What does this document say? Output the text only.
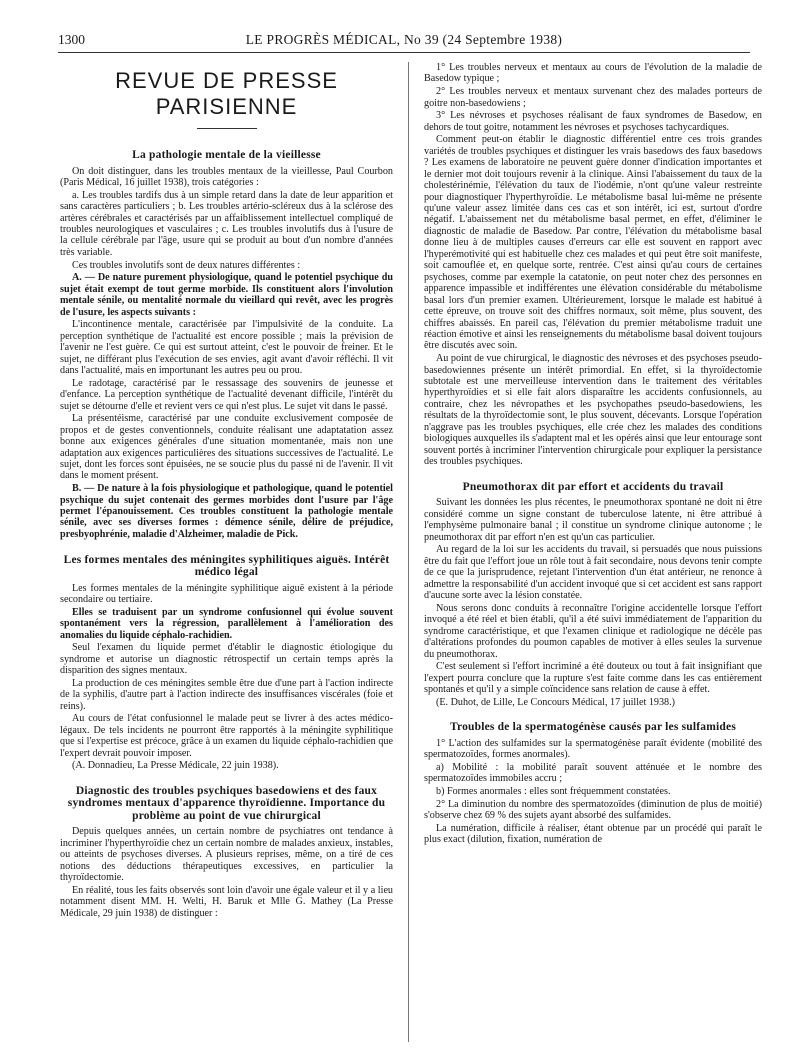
1300	LE PROGRÈS MÉDICAL, No 39 (24 Septembre 1938)
REVUE DE PRESSE PARISIENNE
La pathologie mentale de la vieillesse

On doit distinguer, dans les troubles mentaux de la vieillesse, Paul Courbon (Paris Médical, 16 juillet 1938), trois catégories :

a. Les troubles tardifs dus à un simple retard dans la date de leur apparition et sans caractères particuliers ; b. Les troubles artério-scléreux dus à la sclérose des artères cérébrales et caractérisés par un affaiblissement intellectuel compliqué de troubles neurologiques et vasculaires ; c. Les troubles involutifs dus à l'usure de la cellule cérébrale par l'âge, usure qui se produit au bout d'un nombre d'années très variable.

Ces troubles involutifs sont de deux natures différentes :

A. — De nature purement physiologique, quand le potentiel psychique du sujet était exempt de tout germe morbide. Ils constituent alors l'involution mentale sénile, ou mentalité normale du vieillard qui revêt, avec les progrès de l'usure, les aspects suivants :

L'incontinence mentale, caractérisée par l'impulsivité de la conduite. La perception synthétique de l'actualité est encore possible ; mais la prévision de l'avenir ne l'est guère. Ce qui est surtout atteint, c'est le pouvoir de freiner. Et le sujet, ne différant plus l'exécution de ses envies, agit avant d'avoir réfléchi. Il vit dans l'actualité, mais en importunant les autres peu ou prou.

Le radotage, caractérisé par le ressassage des souvenirs de jeunesse et d'enfance. La perception synthétique de l'actualité devenant difficile, l'intérêt du sujet se détourne d'elle et revient vers ce qui n'est plus. Le sujet vit dans le passé.

La présentéisme, caractérisé par une conduite exclusivement composée de propos et de gestes conventionnels, conduite réalisant une adaptatation assez bonne aux exigences générales d'une situation momentanée, mais non une adaptation aux exigences particulières des situations successives de l'actualité. Le sujet, dont les forces sont épuisées, ne se soucie plus du passé ni de l'avenir. Il vit dans le moment présent.

B. — De nature à la fois physiologique et pathologique, quand le potentiel psychique du sujet contenait des germes morbides dont l'usure par l'âge permet l'épanouissement. Ces troubles constituent la pathologie mentale sénile, avec ses diverses formes : démence sénile, délire de préjudice, presbyophrénie, maladie d'Alzheimer, maladie de Pick.

Les formes mentales des méningites syphilitiques aiguës. Intérêt médico légal

Les formes mentales de la méningite syphilitique aiguë existent à la période secondaire ou tertiaire.

Elles se traduisent par un syndrome confusionnel qui évolue souvent spontanément vers la régression, parallèlement à l'amélioration des anomalies du liquide céphalo-rachidien.

Seul l'examen du liquide permet d'établir le diagnostic étiologique du syndrome et autorise un diagnostic rétrospectif un certain temps après la disparition des signes mentaux.

La production de ces méningites semble être due d'une part à l'action indirecte de la syphilis, d'autre part à l'action indirecte des insuffisances viscérales (foie et reins).

Au cours de l'état confusionnel le malade peut se livrer à des actes médico-légaux. De tels incidents ne pourront être rapportés à la méningite syphilitique que si l'expertise est précoce, grâce à un examen du liquide céphalo-rachidien que l'expert devrait pouvoir imposer.

(A. Donnadieu, La Presse Médicale, 22 juin 1938).

Diagnostic des troubles psychiques basedowiens et des faux syndromes mentaux d'apparence thyroïdienne. Importance du problème au point de vue chirurgical

Depuis quelques années, un certain nombre de psychiatres ont tendance à incriminer l'hyperthyroïdie chez un certain nombre de malades anxieux, instables, ou atteints de psychoses diverses. A plusieurs reprises, même, on a tiré de ces notions des déductions thérapeutiques excessives, en particulier la thyroïdectomie.

En réalité, tous les faits observés sont loin d'avoir une égale valeur et il y a lieu notamment disent MM. H. Welti, H. Baruk et Mlle G. Mathey (La Presse Médicale, 29 juin 1938) de distinguer :

1° Les troubles nerveux et mentaux au cours de l'évolution de la maladie de Basedow typique ;

2° Les troubles nerveux et mentaux survenant chez des malades porteurs de goitre non-basedowiens ;

3° Les névroses et psychoses réalisant de faux syndromes de Basedow, en dehors de tout goitre, notamment les névroses et psychoses tachycardiques.

Comment peut-on établir le diagnostic différentiel entre ces trois grandes variétés de troubles psychiques et distinguer les vrais basedows des faux basedows ? Les examens de laboratoire ne peuvent guère donner d'indication importantes et le dernier mot doit toujours revenir à la clinique. Ainsi l'abaissement du taux de la cholestérinémie, l'élévation du taux de l'iodémie, n'ont qu'une valeur restreinte pour diagnostiquer l'hyperthyroïdie. Le métabolisme basal lui-même ne présente qu'une valeur assez limitée dans ces cas et son intérêt, ici est, surtout d'ordre négatif. L'abaissement net du métabolisme basal permet, en effet, d'éliminer le diagnostic de maladie de Basedow. Par contre, l'élévation du métabolisme basal donne lieu à de multiples causes d'erreurs car elle est souvent en rapport avec l'hyperémotivité qui est habituelle chez ces malades et qui peut être soit manifeste, soit camouflée et, en quelque sorte, rentrée. C'est ainsi qu'au cours de certaines psychoses, comme par exemple la catatonie, on peut noter chez des personnes en apparence impassible et indifférentes une élévation considérable du métabolisme basal lors d'un premier examen. Ultérieurement, lorsque le malade est habitué à cette épreuve, on trouve soit des chiffres normaux, soit même, plus souvent, des chiffres abaissés. En pareil cas, l'élévation du premier métabolisme traduit une réaction émotive et ainsi les renseignements du métabolisme basal doivent toujours être discutés avec soin.

Au point de vue chirurgical, le diagnostic des névroses et des psychoses pseudo-basedowiennes présente un intérêt primordial. En effet, si la thyroïdectomie subtotale est une merveilleuse intervention dans le traitement des véritables hyperthyroïdies et si elle fait alors disparaître les accidents confusionnels, au contraire, chez les névropathes et les psychopathes pseudo-basedowiens, les résultats de la thyroïdectomie sont, le plus souvent, décevants. Lorsque l'opération n'aggrave pas les troubles psychiques, elle crée chez les malades des conditions biologiques auxquelles ils s'adaptent mal et les opérés ainsi que leur entourage sont souvent portés à incriminer l'intervention chirurgicale pour expliquer la persistance des troubles psychiques.

Pneumothorax dit par effort et accidents du travail

Suivant les données les plus récentes, le pneumothorax spontané ne doit ni être considéré comme un signe constant de tuberculose latente, ni être attribué à l'emphysème pulmonaire banal ; il constitue un syndrome clinique autonome ; le pneumothorax dit par effort n'en est qu'un cas particulier.

Au regard de la loi sur les accidents du travail, si persuadés que nous puissions être du fait que l'effort joue un rôle tout à fait secondaire, nous devons tenir compte de ce que la jurisprudence, rejetant l'intervention d'un état antérieur, ne renonce à admettre la responsabilité d'un accident invoqué que si cet accident est sans rapport d'aucune sorte avec la lésion constatée.

Nous serons donc conduits à reconnaître l'origine accidentelle lorsque l'effort invoqué a été réel et bien établi, qu'il a été suivi immédiatement de l'apparition du syndrome caractéristique, et que l'examen clinique et radiologique ne décèle pas d'altérations profondes du poumon capables de motiver à elles seules la survenue du pneumothorax.

C'est seulement si l'effort incriminé a été douteux ou tout à fait insignifiant que l'expert pourra conclure que la rupture s'est faite comme dans les cas entièrement spontanés et qu'il y a simple coïncidence sans relation de cause à effet.

(E. Duhot, de Lille, Le Concours Médical, 17 juillet 1938.)

Troubles de la spermatogénèse causés par les sulfamides

1° L'action des sulfamides sur la spermatogénèse paraît évidente (mobilité des spermatozoïdes, formes anormales).

a) Mobilité : la mobilité paraît souvent atténuée et le nombre des spermatozoïdes immobiles accru ;

b) Formes anormales : elles sont fréquemment constatées.

2° La diminution du nombre des spermatozoïdes (diminution de plus de moitié) s'observe chez 69 % des sujets ayant absorbé des sulfamides.

La numération, difficile à réaliser, étant obtenue par un procédé qui paraît le plus exact (dilution, fixation, numération de
